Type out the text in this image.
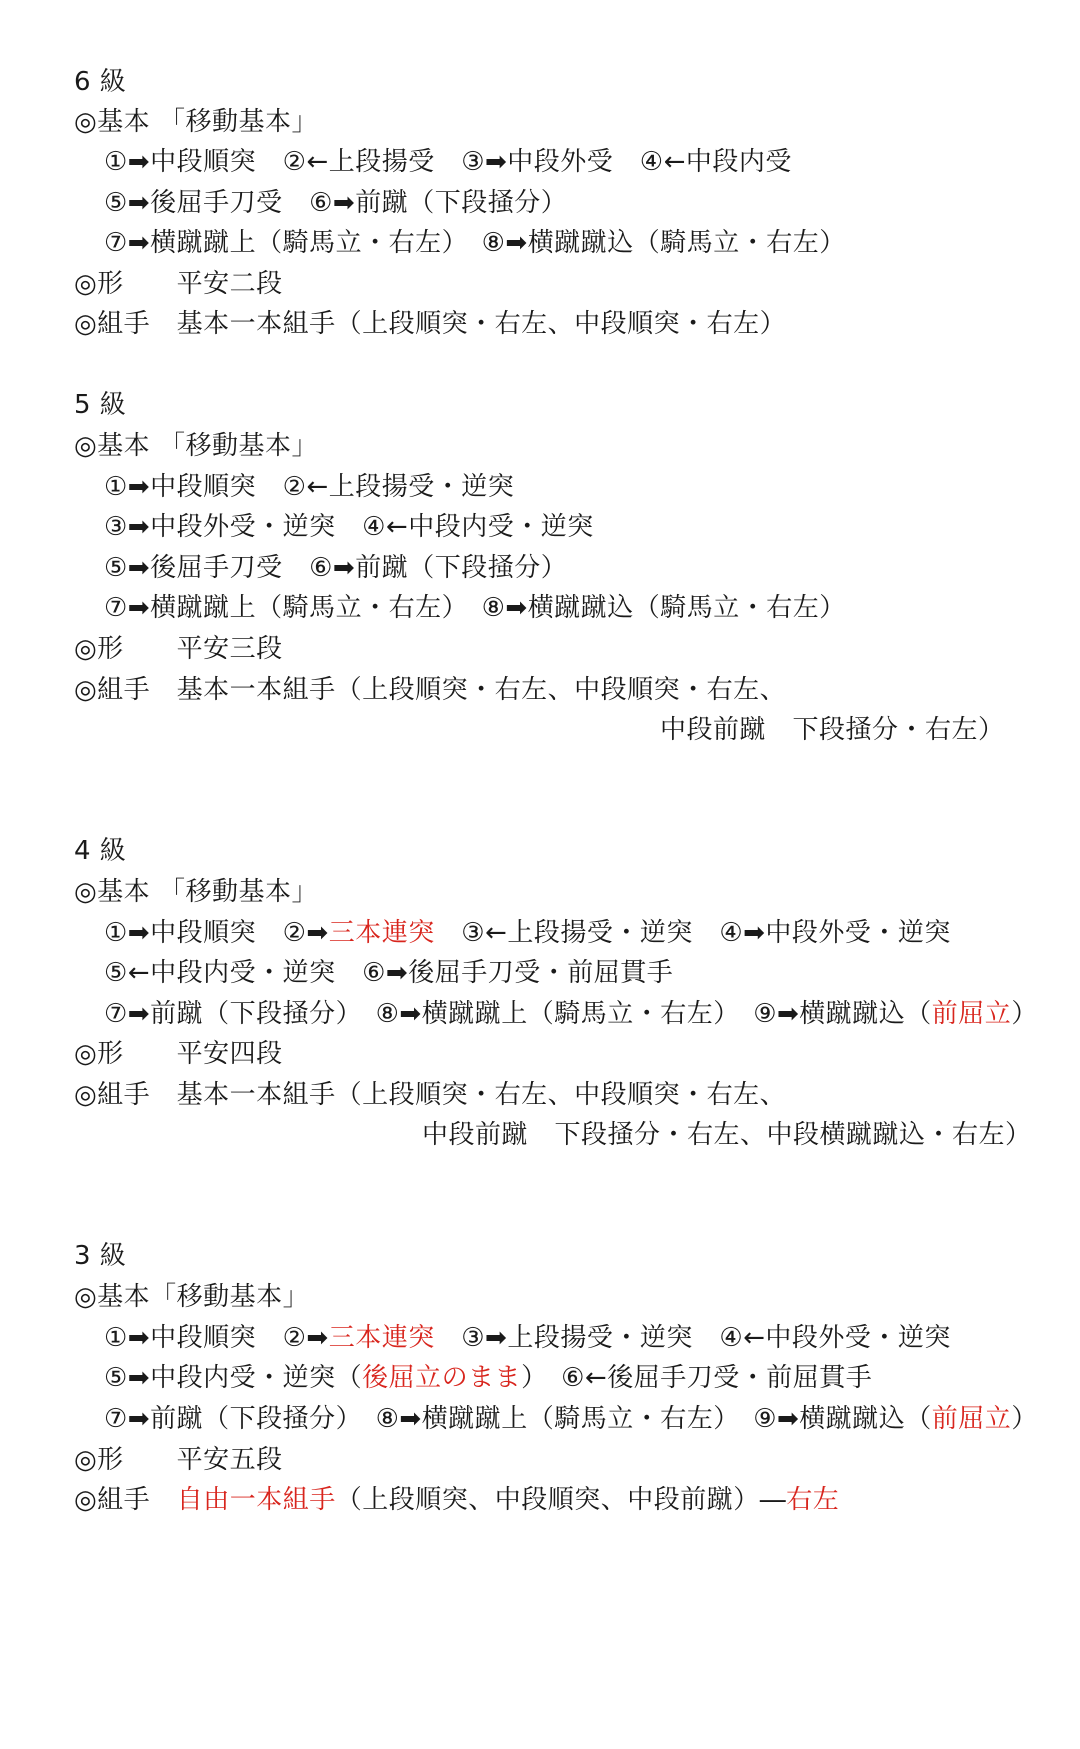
6 級
◎基本 「移動基本」
①➡中段順突　②←上段揚受　③➡中段外受　④←中段内受
⑤➡後屈手刀受　⑥➡前蹴（下段掻分）
⑦➡横蹴蹴上（騎馬立・右左）　⑧➡横蹴蹴込（騎馬立・右左）
◎形　　平安二段
◎組手　基本一本組手（上段順突・右左、中段順突・右左）
5 級
◎基本 「移動基本」
①➡中段順突　②←上段揚受・逆突
③➡中段外受・逆突　④←中段内受・逆突
⑤➡後屈手刀受　⑥➡前蹴（下段掻分）
⑦➡横蹴蹴上（騎馬立・右左）　⑧➡横蹴蹴込（騎馬立・右左）
◎形　　平安三段
◎組手　基本一本組手（上段順突・右左、中段順突・右左、
中段前蹴　下段掻分・右左）
4 級
◎基本 「移動基本」
①➡中段順突　②➡三本連突　③←上段揚受・逆突　④➡中段外受・逆突
⑤←中段内受・逆突　⑥➡後屈手刀受・前屈貫手
⑦➡前蹴（下段掻分）　⑧➡横蹴蹴上（騎馬立・右左）　⑨➡横蹴蹴込（前屈立）
◎形　　平安四段
◎組手　基本一本組手（上段順突・右左、中段順突・右左、
中段前蹴　下段掻分・右左、中段横蹴蹴込・右左）
3 級
◎基本「移動基本」
①➡中段順突　②➡三本連突　③➡上段揚受・逆突　④←中段外受・逆突
⑤➡中段内受・逆突（後屈立のまま）　⑥←後屈手刀受・前屈貫手
⑦➡前蹴（下段掻分）　⑧➡横蹴蹴上（騎馬立・右左）　⑨➡横蹴蹴込（前屈立）
◎形　　平安五段
◎組手　自由一本組手（上段順突、中段順突、中段前蹴）―右左
